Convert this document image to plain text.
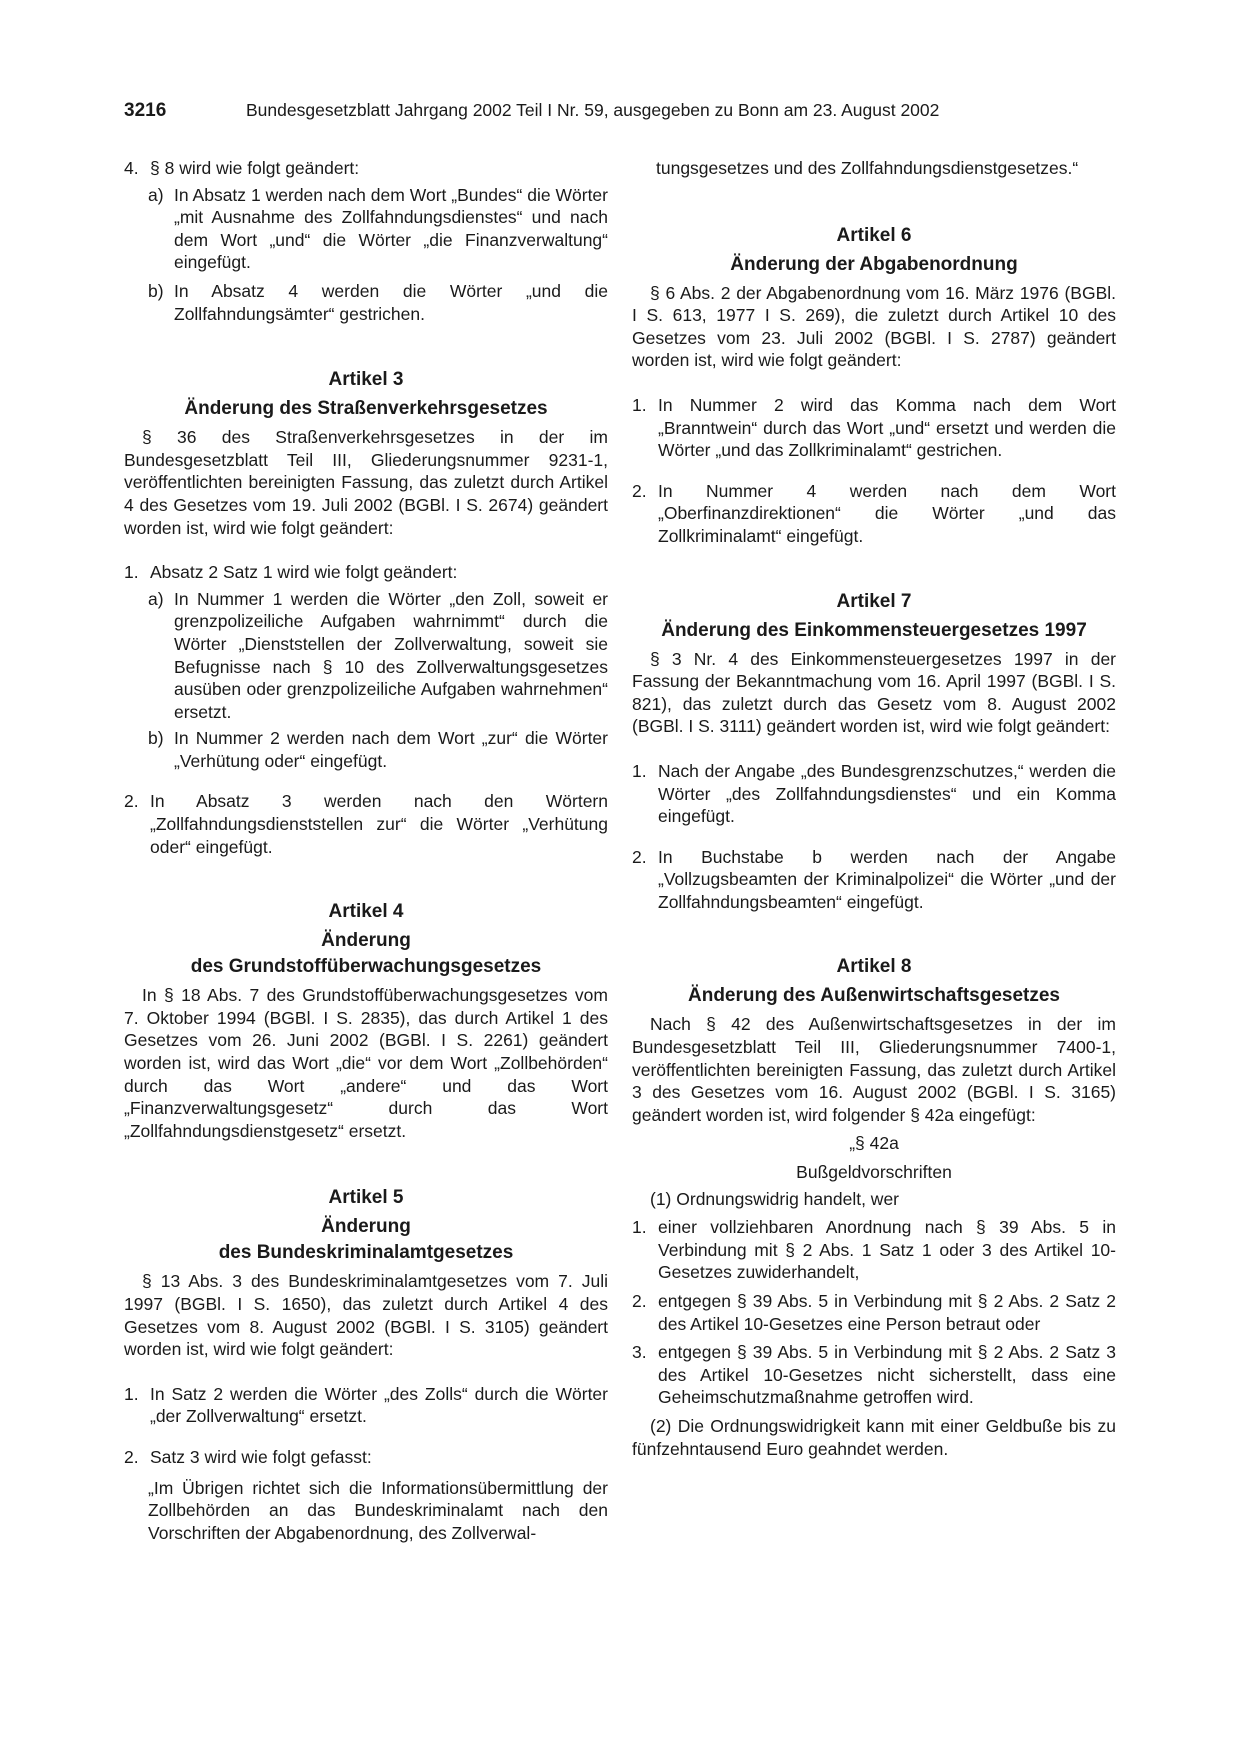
3216	Bundesgesetzblatt Jahrgang 2002 Teil I Nr. 59, ausgegeben zu Bonn am 23. August 2002
4. § 8 wird wie folgt geändert:
a) In Absatz 1 werden nach dem Wort „Bundes“ die Wörter „mit Ausnahme des Zollfahndungsdienstes“ und nach dem Wort „und“ die Wörter „die Finanzverwaltung“ eingefügt.
b) In Absatz 4 werden die Wörter „und die Zollfahndungsämter“ gestrichen.
Artikel 3
Änderung des Straßenverkehrsgesetzes

§ 36 des Straßenverkehrsgesetzes in der im Bundesgesetzblatt Teil III, Gliederungsnummer 9231-1, veröffentlichten bereinigten Fassung, das zuletzt durch Artikel 4 des Gesetzes vom 19. Juli 2002 (BGBl. I S. 2674) geändert worden ist, wird wie folgt geändert:

1. Absatz 2 Satz 1 wird wie folgt geändert:
a) In Nummer 1 werden die Wörter „den Zoll, soweit er grenzpolizeiliche Aufgaben wahrnimmt“ durch die Wörter „Dienststellen der Zollverwaltung, soweit sie Befugnisse nach § 10 des Zollverwaltungsgesetzes ausüben oder grenzpolizeiliche Aufgaben wahrnehmen“ ersetzt.
b) In Nummer 2 werden nach dem Wort „zur“ die Wörter „Verhütung oder“ eingefügt.
2. In Absatz 3 werden nach den Wörtern „Zollfahndungsdienststellen zur“ die Wörter „Verhütung oder“ eingefügt.
Artikel 4
Änderung
des Grundstoffüberwachungsgesetzes

In § 18 Abs. 7 des Grundstoffüberwachungsgesetzes vom 7. Oktober 1994 (BGBl. I S. 2835), das durch Artikel 1 des Gesetzes vom 26. Juni 2002 (BGBl. I S. 2261) geändert worden ist, wird das Wort „die“ vor dem Wort „Zollbehörden“ durch das Wort „andere“ und das Wort „Finanzverwaltungsgesetz“ durch das Wort „Zollfahndungsdienstgesetz“ ersetzt.

Artikel 5
Änderung
des Bundeskriminalamtgesetzes

§ 13 Abs. 3 des Bundeskriminalamtgesetzes vom 7. Juli 1997 (BGBl. I S. 1650), das zuletzt durch Artikel 4 des Gesetzes vom 8. August 2002 (BGBl. I S. 3105) geändert worden ist, wird wie folgt geändert:

1. In Satz 2 werden die Wörter „des Zolls“ durch die Wörter „der Zollverwaltung“ ersetzt.
2. Satz 3 wird wie folgt gefasst:

„Im Übrigen richtet sich die Informationsübermittlung der Zollbehörden an das Bundeskriminalamt nach den Vorschriften der Abgabenordnung, des Zollverwal-

tungsgesetzes und des Zollfahndungsdienstgesetzes.“

Artikel 6
Änderung der Abgabenordnung

§ 6 Abs. 2 der Abgabenordnung vom 16. März 1976 (BGBl. I S. 613, 1977 I S. 269), die zuletzt durch Artikel 10 des Gesetzes vom 23. Juli 2002 (BGBl. I S. 2787) geändert worden ist, wird wie folgt geändert:

1. In Nummer 2 wird das Komma nach dem Wort „Branntwein“ durch das Wort „und“ ersetzt und werden die Wörter „und das Zollkriminalamt“ gestrichen.
2. In Nummer 4 werden nach dem Wort „Oberfinanzdirektionen“ die Wörter „und das Zollkriminalamt“ eingefügt.
Artikel 7
Änderung des Einkommensteuergesetzes 1997

§ 3 Nr. 4 des Einkommensteuergesetzes 1997 in der Fassung der Bekanntmachung vom 16. April 1997 (BGBl. I S. 821), das zuletzt durch das Gesetz vom 8. August 2002 (BGBl. I S. 3111) geändert worden ist, wird wie folgt geändert:

1. Nach der Angabe „des Bundesgrenzschutzes,“ werden die Wörter „des Zollfahndungsdienstes“ und ein Komma eingefügt.
2. In Buchstabe b werden nach der Angabe „Vollzugsbeamten der Kriminalpolizei“ die Wörter „und der Zollfahndungsbeamten“ eingefügt.
Artikel 8
Änderung des Außenwirtschaftsgesetzes

Nach § 42 des Außenwirtschaftsgesetzes in der im Bundesgesetzblatt Teil III, Gliederungsnummer 7400-1, veröffentlichten bereinigten Fassung, das zuletzt durch Artikel 3 des Gesetzes vom 16. August 2002 (BGBl. I S. 3165) geändert worden ist, wird folgender § 42a eingefügt:

„§ 42a
Bußgeldvorschriften

(1) Ordnungswidrig handelt, wer

1. einer vollziehbaren Anordnung nach § 39 Abs. 5 in Verbindung mit § 2 Abs. 1 Satz 1 oder 3 des Artikel 10-Gesetzes zuwiderhandelt,
2. entgegen § 39 Abs. 5 in Verbindung mit § 2 Abs. 2 Satz 2 des Artikel 10-Gesetzes eine Person betraut oder
3. entgegen § 39 Abs. 5 in Verbindung mit § 2 Abs. 2 Satz 3 des Artikel 10-Gesetzes nicht sicherstellt, dass eine Geheimschutzmaßnahme getroffen wird.

(2) Die Ordnungswidrigkeit kann mit einer Geldbuße bis zu fünfzehntausend Euro geahndet werden.
